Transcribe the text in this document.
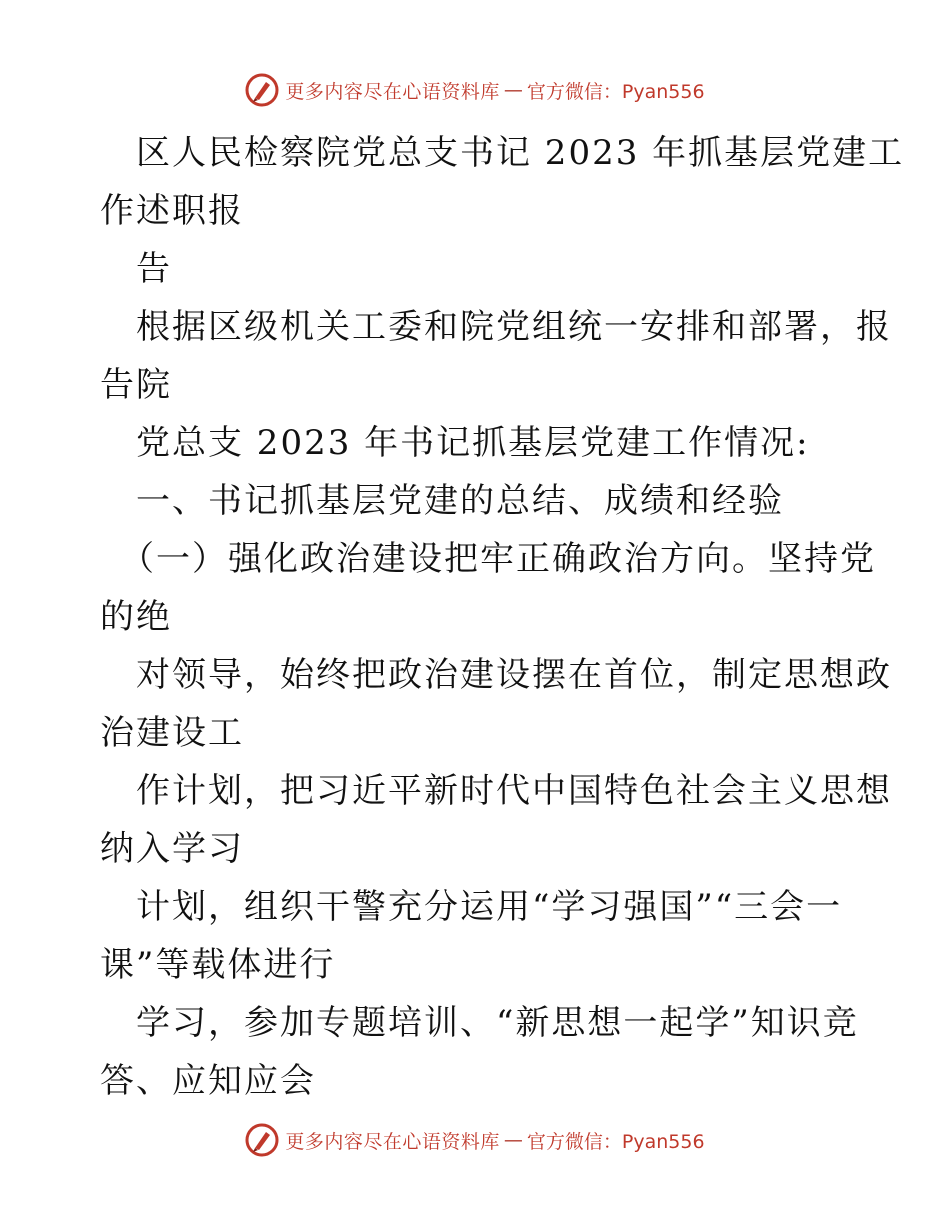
更多内容尽在心语资料库 — 官方微信：Pyan556
区人民检察院党总支书记 2023 年抓基层党建工
作述职报
告
根据区级机关工委和院党组统一安排和部署，报
告院
党总支 2023 年书记抓基层党建工作情况:
一、书记抓基层党建的总结、成绩和经验
（一）强化政治建设把牢正确政治方向。坚持党
的绝
对领导，始终把政治建设摆在首位，制定思想政
治建设工
作计划，把习近平新时代中国特色社会主义思想
纳入学习
计划，组织干警充分运用“学习强国”“三会一
课”等载体进行
学习，参加专题培训、“新思想一起学”知识竞
答、应知应会
更多内容尽在心语资料库 — 官方微信：Pyan556
